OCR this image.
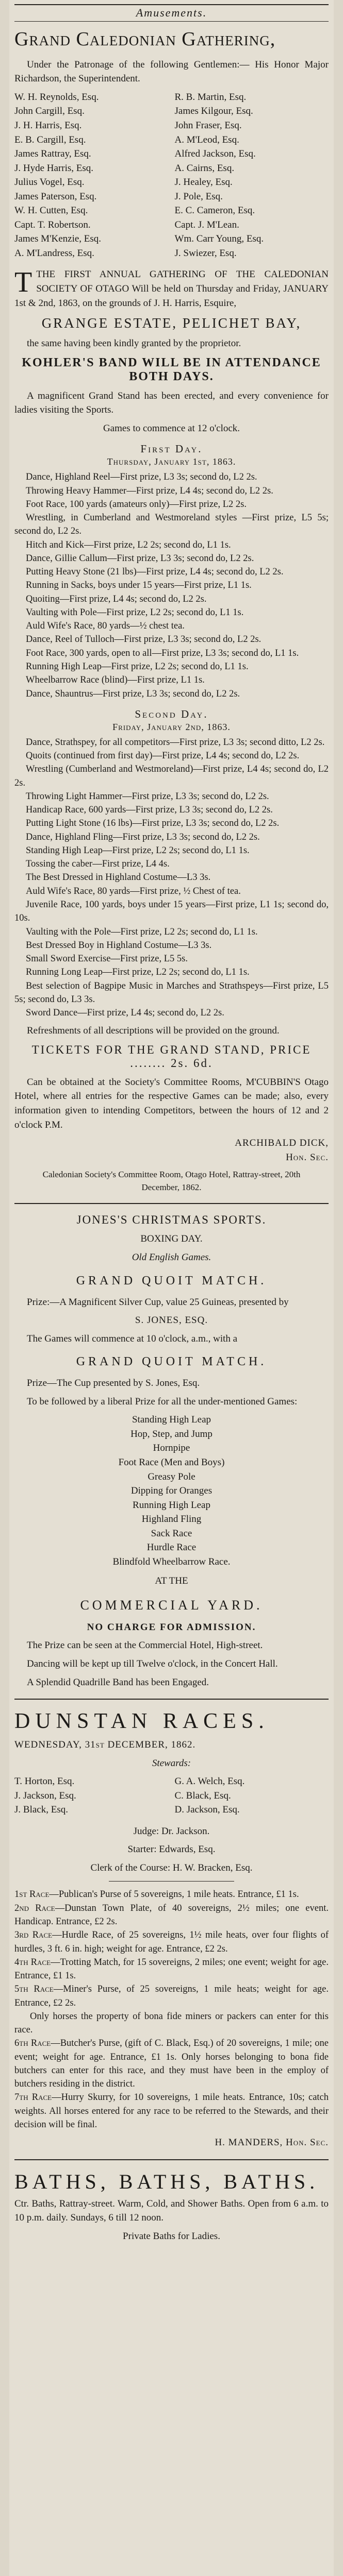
Amusements.
Grand Caledonian Gathering,

Under the Patronage of the following Gentlemen:— His Honor Major Richardson, the Superintendent.

W. H. Reynolds, Esq.	R. B. Martin, Esq.
John Cargill, Esq.	James Kilgour, Esq.
J. H. Harris, Esq.	John Fraser, Esq.
E. B. Cargill, Esq.	A. M'Leod, Esq.
James Rattray, Esq.	Alfred Jackson, Esq.
J. Hyde Harris, Esq.	A. Cairns, Esq.
Julius Vogel, Esq.	J. Healey, Esq.
James Paterson, Esq.	J. Pole, Esq.
W. H. Cutten, Esq.	E. C. Cameron, Esq.
Capt. T. Robertson.	Capt. J. M'Lean.
James M'Kenzie, Esq.	Wm. Carr Young, Esq.
A. M'Landress, Esq.	J. Swiezer, Esq.

T THE FIRST ANNUAL GATHERING OF THE CALEDONIAN SOCIETY OF OTAGO Will be held on Thursday and Friday, JANUARY 1st & 2nd, 1863, on the grounds of J. H. Harris, Esquire,

GRANGE ESTATE, PELICHET BAY,

the same having been kindly granted by the proprietor.

KOHLER'S BAND WILL BE IN ATTENDANCE BOTH DAYS.

A magnificent Grand Stand has been erected, and every convenience for ladies visiting the Sports.

Games to commence at 12 o'clock.

First Day.
Thursday, January 1st, 1863.
Dance, Highland Reel—First prize, L3 3s; second do, L2 2s.
Throwing Heavy Hammer—First prize, L4 4s; second do, L2 2s.
Foot Race, 100 yards (amateurs only)—First prize, L2 2s.
Wrestling, in Cumberland and Westmoreland styles —First prize, L5 5s; second do, L2 2s.
Hitch and Kick—First prize, L2 2s; second do, L1 1s.
Dance, Gillie Callum—First prize, L3 3s; second do, L2 2s.
Putting Heavy Stone (21 lbs)—First prize, L4 4s; second do, L2 2s.
Running in Sacks, boys under 15 years—First prize, L1 1s.
Quoiting—First prize, L4 4s; second do, L2 2s.
Vaulting with Pole—First prize, L2 2s; second do, L1 1s.
Auld Wife's Race, 80 yards—½ chest tea.
Dance, Reel of Tulloch—First prize, L3 3s; second do, L2 2s.
Foot Race, 300 yards, open to all—First prize, L3 3s; second do, L1 1s.
Running High Leap—First prize, L2 2s; second do, L1 1s.
Wheelbarrow Race (blind)—First prize, L1 1s.
Dance, Shauntrus—First prize, L3 3s; second do, L2 2s.
Second Day.
Friday, January 2nd, 1863.
Dance, Strathspey, for all competitors—First prize, L3 3s; second ditto, L2 2s.
Quoits (continued from first day)—First prize, L4 4s; second do, L2 2s.
Wrestling (Cumberland and Westmoreland)—First prize, L4 4s; second do, L2 2s.
Throwing Light Hammer—First prize, L3 3s; second do, L2 2s.
Handicap Race, 600 yards—First prize, L3 3s; second do, L2 2s.
Putting Light Stone (16 lbs)—First prize, L3 3s; second do, L2 2s.
Dance, Highland Fling—First prize, L3 3s; second do, L2 2s.
Standing High Leap—First prize, L2 2s; second do, L1 1s.
Tossing the caber—First prize, L4 4s.
The Best Dressed in Highland Costume—L3 3s.
Auld Wife's Race, 80 yards—First prize, ½ Chest of tea.
Juvenile Race, 100 yards, boys under 15 years—First prize, L1 1s; second do, 10s.
Vaulting with the Pole—First prize, L2 2s; second do, L1 1s.
Best Dressed Boy in Highland Costume—L3 3s.
Small Sword Exercise—First prize, L5 5s.
Running Long Leap—First prize, L2 2s; second do, L1 1s.
Best selection of Bagpipe Music in Marches and Strathspeys—First prize, L5 5s; second do, L3 3s.
Sword Dance—First prize, L4 4s; second do, L2 2s.

Refreshments of all descriptions will be provided on the ground.

TICKETS FOR THE GRAND STAND, PRICE ........ 2s. 6d.

Can be obtained at the Society's Committee Rooms, M'CUBBIN'S Otago Hotel, where all entries for the respective Games can be made; also, every information given to intending Competitors, between the hours of 12 and 2 o'clock P.M.

ARCHIBALD DICK,
Hon. Sec.

Caledonian Society's Committee Room, Otago Hotel, Rattray-street, 20th December, 1862.

JONES'S CHRISTMAS SPORTS.
BOXING DAY.
Old English Games.
GRAND QUOIT MATCH.

Prize:—A Magnificent Silver Cup, value 25 Guineas, presented by

S. JONES, ESQ.

The Games will commence at 10 o'clock, a.m., with a

GRAND QUOIT MATCH.

Prize—The Cup presented by S. Jones, Esq.

To be followed by a liberal Prize for all the under-mentioned Games:

Standing High Leap
Hop, Step, and Jump
Hornpipe
Foot Race (Men and Boys)
Greasy Pole
Dipping for Oranges
Running High Leap
Highland Fling
Sack Race
Hurdle Race
Blindfold Wheelbarrow Race.
AT THE
COMMERCIAL YARD.
NO CHARGE FOR ADMISSION.

The Prize can be seen at the Commercial Hotel, High-street.

Dancing will be kept up till Twelve o'clock, in the Concert Hall.

A Splendid Quadrille Band has been Engaged.

DUNSTAN RACES.
WEDNESDAY, 31st DECEMBER, 1862.
Stewards:
T. Horton, Esq.	G. A. Welch, Esq.
J. Jackson, Esq.	C. Black, Esq.
J. Black, Esq.	D. Jackson, Esq.
Judge: Dr. Jackson.
Starter: Edwards, Esq.
Clerk of the Course: H. W. Bracken, Esq.

1st Race—Publican's Purse of 5 sovereigns, 1 mile heats. Entrance, £1 1s.

2nd Race—Dunstan Town Plate, of 40 sovereigns, 2½ miles; one event. Handicap. Entrance, £2 2s.

3rd Race—Hurdle Race, of 25 sovereigns, 1½ mile heats, over four flights of hurdles, 3 ft. 6 in. high; weight for age. Entrance, £2 2s.

4th Race—Trotting Match, for 15 sovereigns, 2 miles; one event; weight for age. Entrance, £1 1s.

5th Race—Miner's Purse, of 25 sovereigns, 1 mile heats; weight for age. Entrance, £2 2s.

Only horses the property of bona fide miners or packers can enter for this race.

6th Race—Butcher's Purse, (gift of C. Black, Esq.) of 20 sovereigns, 1 mile; one event; weight for age. Entrance, £1 1s. Only horses belonging to bona fide butchers can enter for this race, and they must have been in the employ of butchers residing in the district.

7th Race—Hurry Skurry, for 10 sovereigns, 1 mile heats. Entrance, 10s; catch weights. All horses entered for any race to be referred to the Stewards, and their decision will be final.

H. MANDERS, Hon. Sec.
BATHS, BATHS, BATHS.

Ctr. Baths, Rattray-street. Warm, Cold, and Shower Baths. Open from 6 a.m. to 10 p.m. daily. Sundays, 6 till 12 noon.

Private Baths for Ladies.
